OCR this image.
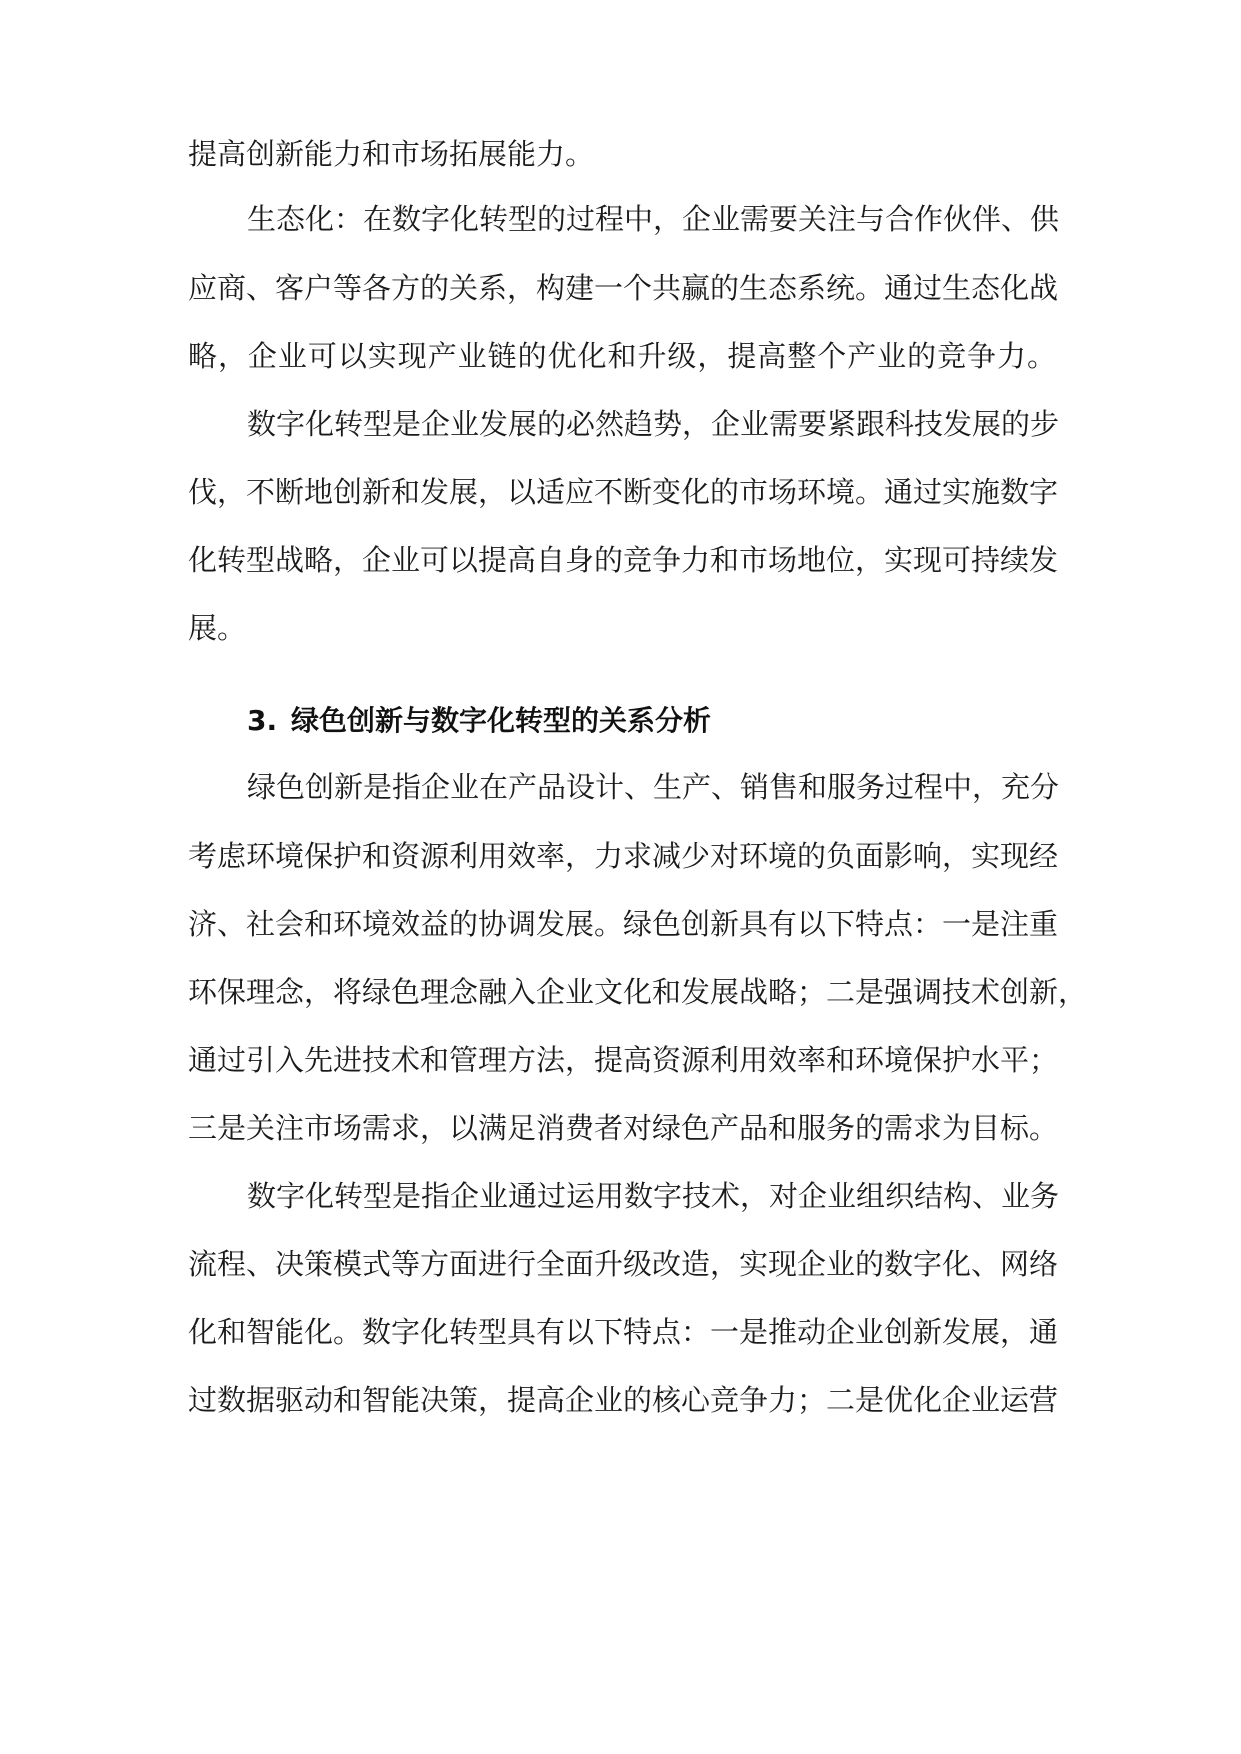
提高创新能力和市场拓展能力。
生态化：在数字化转型的过程中，企业需要关注与合作伙伴、供
应商、客户等各方的关系，构建一个共赢的生态系统。通过生态化战
略，企业可以实现产业链的优化和升级，提高整个产业的竞争力。
数字化转型是企业发展的必然趋势，企业需要紧跟科技发展的步
伐，不断地创新和发展，以适应不断变化的市场环境。通过实施数字
化转型战略，企业可以提高自身的竞争力和市场地位，实现可持续发
展。
3. 绿色创新与数字化转型的关系分析
绿色创新是指企业在产品设计、生产、销售和服务过程中，充分
考虑环境保护和资源利用效率，力求减少对环境的负面影响，实现经
济、社会和环境效益的协调发展。绿色创新具有以下特点：一是注重
环保理念，将绿色理念融入企业文化和发展战略；二是强调技术创新，
通过引入先进技术和管理方法，提高资源利用效率和环境保护水平；
三是关注市场需求，以满足消费者对绿色产品和服务的需求为目标。
数字化转型是指企业通过运用数字技术，对企业组织结构、业务
流程、决策模式等方面进行全面升级改造，实现企业的数字化、网络
化和智能化。数字化转型具有以下特点：一是推动企业创新发展，通
过数据驱动和智能决策，提高企业的核心竞争力；二是优化企业运营
